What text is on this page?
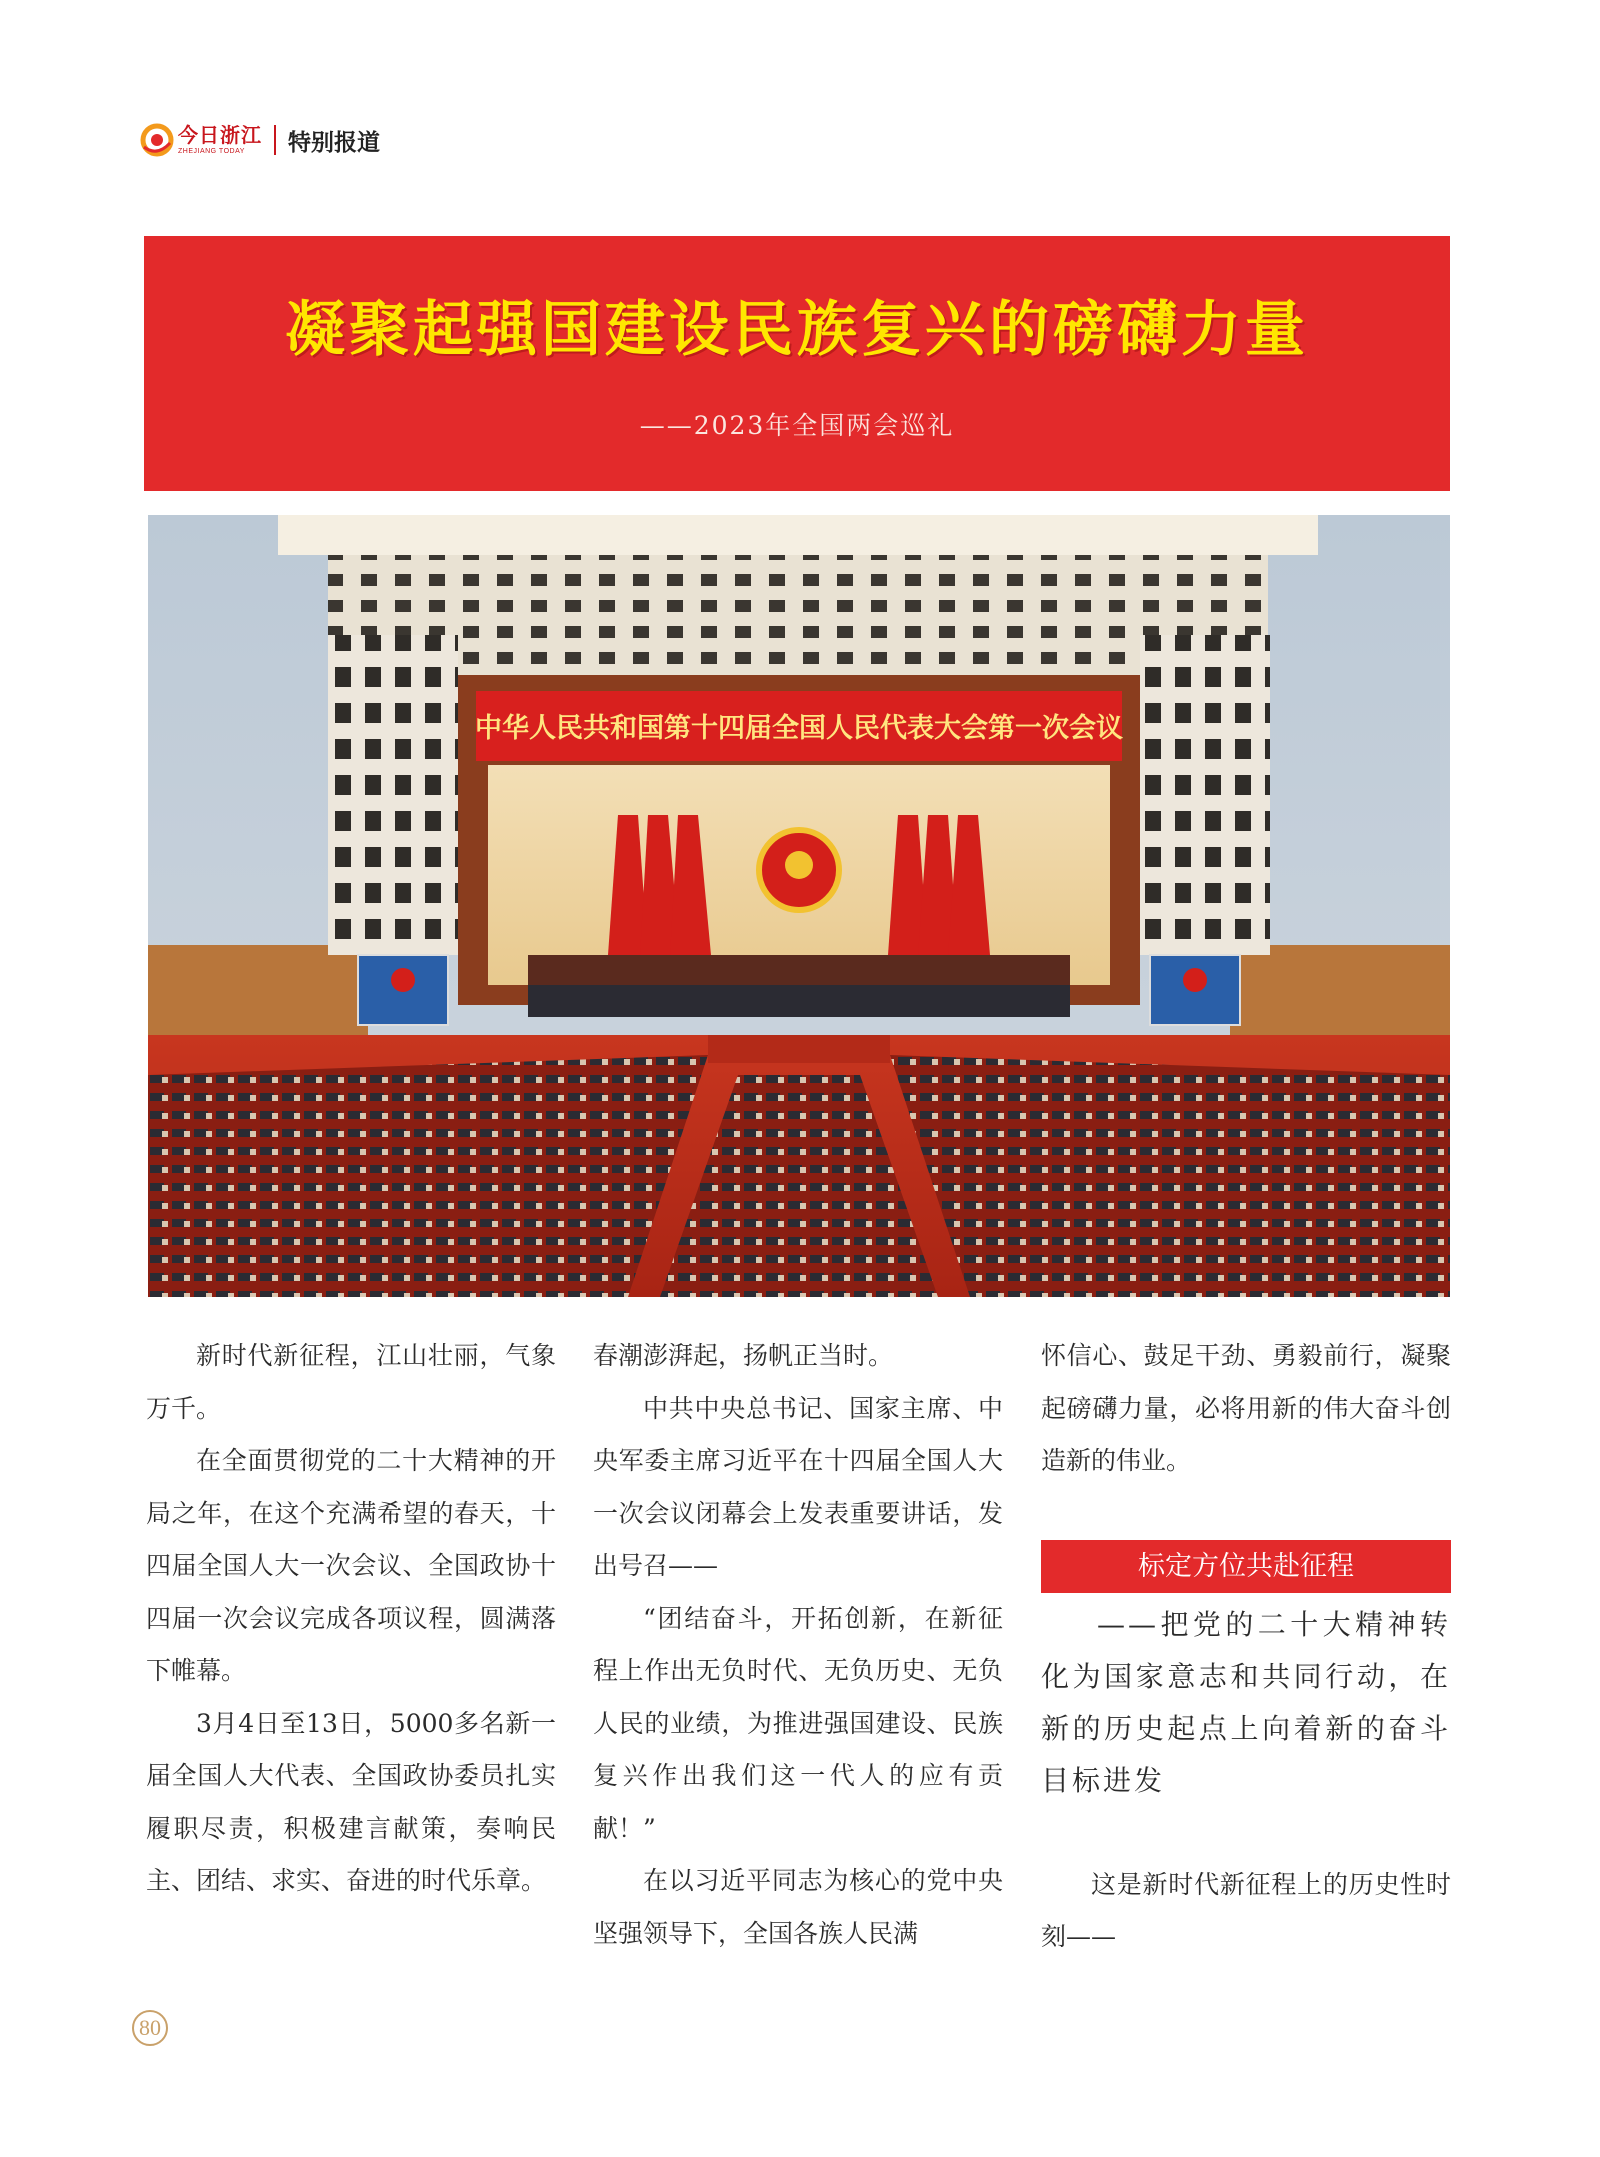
今日浙江
ZHEJIANG TODAY	特别报道
凝聚起强国建设民族复兴的磅礴力量
——2023年全国两会巡礼
中华人民共和国第十四届全国人民代表大会第一次会议

新时代新征程，江山壮丽，气象万千。

在全面贯彻党的二十大精神的开局之年，在这个充满希望的春天，十四届全国人大一次会议、全国政协十四届一次会议完成各项议程，圆满落下帷幕。

3月4日至13日，5000多名新一届全国人大代表、全国政协委员扎实履职尽责，积极建言献策，奏响民主、团结、求实、奋进的时代乐章。

春潮澎湃起，扬帆正当时。

中共中央总书记、国家主席、中央军委主席习近平在十四届全国人大一次会议闭幕会上发表重要讲话，发出号召——

“团结奋斗，开拓创新，在新征程上作出无负时代、无负历史、无负人民的业绩，为推进强国建设、民族复兴作出我们这一代人的应有贡献！”

在以习近平同志为核心的党中央坚强领导下，全国各族人民满

怀信心、鼓足干劲、勇毅前行，凝聚起磅礴力量，必将用新的伟大奋斗创造新的伟业。

标定方位共赴征程
——把党的二十大精神转化为国家意志和共同行动，在新的历史起点上向着新的奋斗目标进发

这是新时代新征程上的历史性时刻——

80
